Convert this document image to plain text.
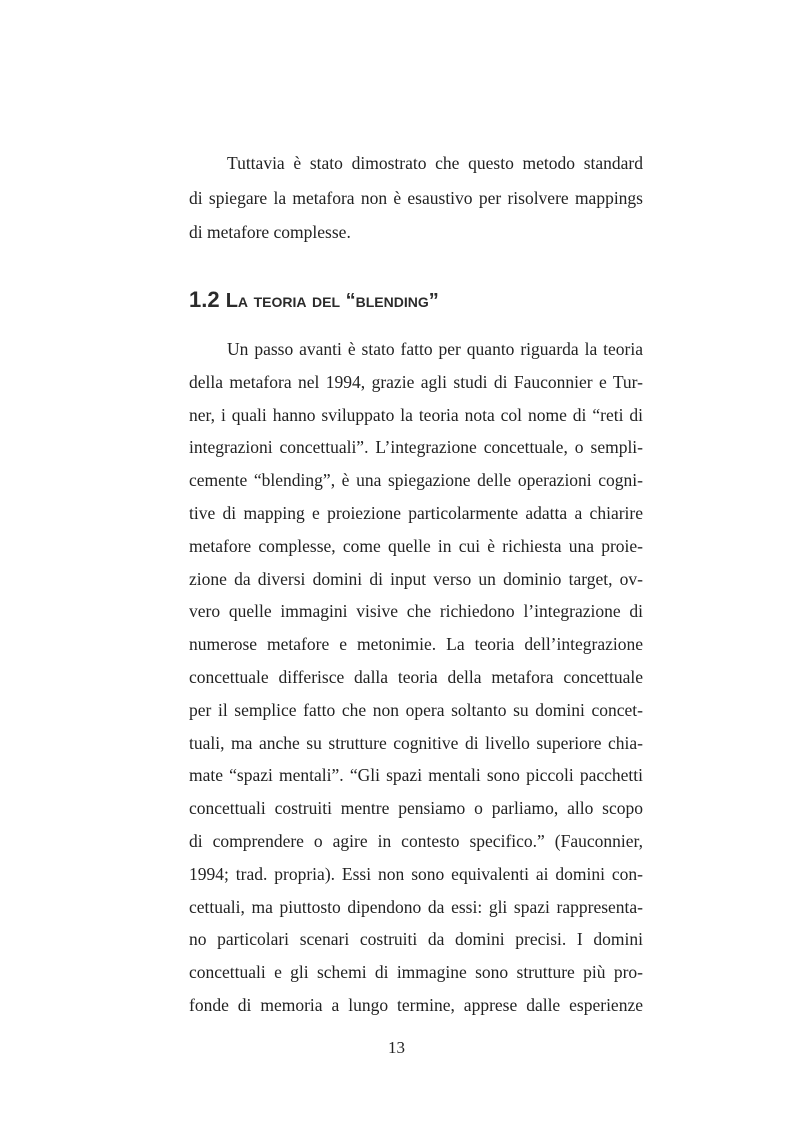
Tuttavia è stato dimostrato che questo metodo standard
di spiegare la metafora non è esaustivo per risolvere mappings
di metafore complesse.
1.2 La teoria del “blending”
Un passo avanti è stato fatto per quanto riguarda la teoria
della metafora nel 1994, grazie agli studi di Fauconnier e Tur-
ner, i quali hanno sviluppato la teoria nota col nome di “reti di
integrazioni concettuali”. L’integrazione concettuale, o sempli-
cemente “blending”, è una spiegazione delle operazioni cogni-
tive di mapping e proiezione particolarmente adatta a chiarire
metafore complesse, come quelle in cui è richiesta una proie-
zione da diversi domini di input verso un dominio target, ov-
vero quelle immagini visive che richiedono l’integrazione di
numerose metafore e metonimie. La teoria dell’integrazione
concettuale differisce dalla teoria della metafora concettuale
per il semplice fatto che non opera soltanto su domini concet-
tuali, ma anche su strutture cognitive di livello superiore chia-
mate “spazi mentali”. “Gli spazi mentali sono piccoli pacchetti
concettuali costruiti mentre pensiamo o parliamo, allo scopo
di comprendere o agire in contesto specifico.” (Fauconnier,
1994; trad. propria). Essi non sono equivalenti ai domini con-
cettuali, ma piuttosto dipendono da essi: gli spazi rappresenta-
no particolari scenari costruiti da domini precisi. I domini
concettuali e gli schemi di immagine sono strutture più pro-
fonde di memoria a lungo termine, apprese dalle esperienze
13
